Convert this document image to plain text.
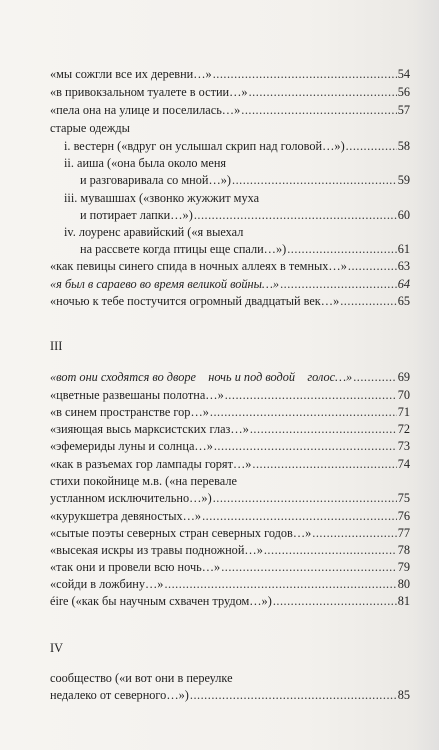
«мы сожгли все их деревни…» .....	54
«в привокзальном туалете в остии…» .....	56
«пела она на улице и поселилась…» .....	57
старые одежды
i. вестерн («вдруг он услышал скрип над головой…») .....	58
ii. аиша («она была около меня
и разговаривала со мной…») .....	59
iii. мувашшах («звонко жужжит муха
и потирает лапки…») .....	60
iv. лоуренс аравийский («я выехал
на рассвете когда птицы еще спали…») .....	61
«как певицы синего спида в ночных аллеях в темных…» .....	63
«я был в сараево во время великой войны…» .....	64
«ночью к тебе постучится огромный двадцатый век…» .....	65
III
«вот они сходятся во дворе    ночь и под водой    голос…» .....	69
«цветные развешаны полотна…» .....	70
«в синем пространстве гор…» .....	71
«зияющая высь марксистских глаз…» .....	72
«эфемериды луны и солнца…» .....	73
«как в разъемах гор лампады горят…» .....	74
стихи покойнице м.в. («на перевале
устланном исключительно…») .....	75
«курукшетра девяностых…» .....	76
«сытые поэты северных стран северных годов…» .....	77
«высекая искры из травы подножной…» .....	78
«так они и провели всю ночь…» .....	79
«сойди в ложбину…» .....	80
éire («как бы научным схвачен трудом…») .....	81
IV
сообщество («и вот они в переулке
недалеко от северного…») .....	85
